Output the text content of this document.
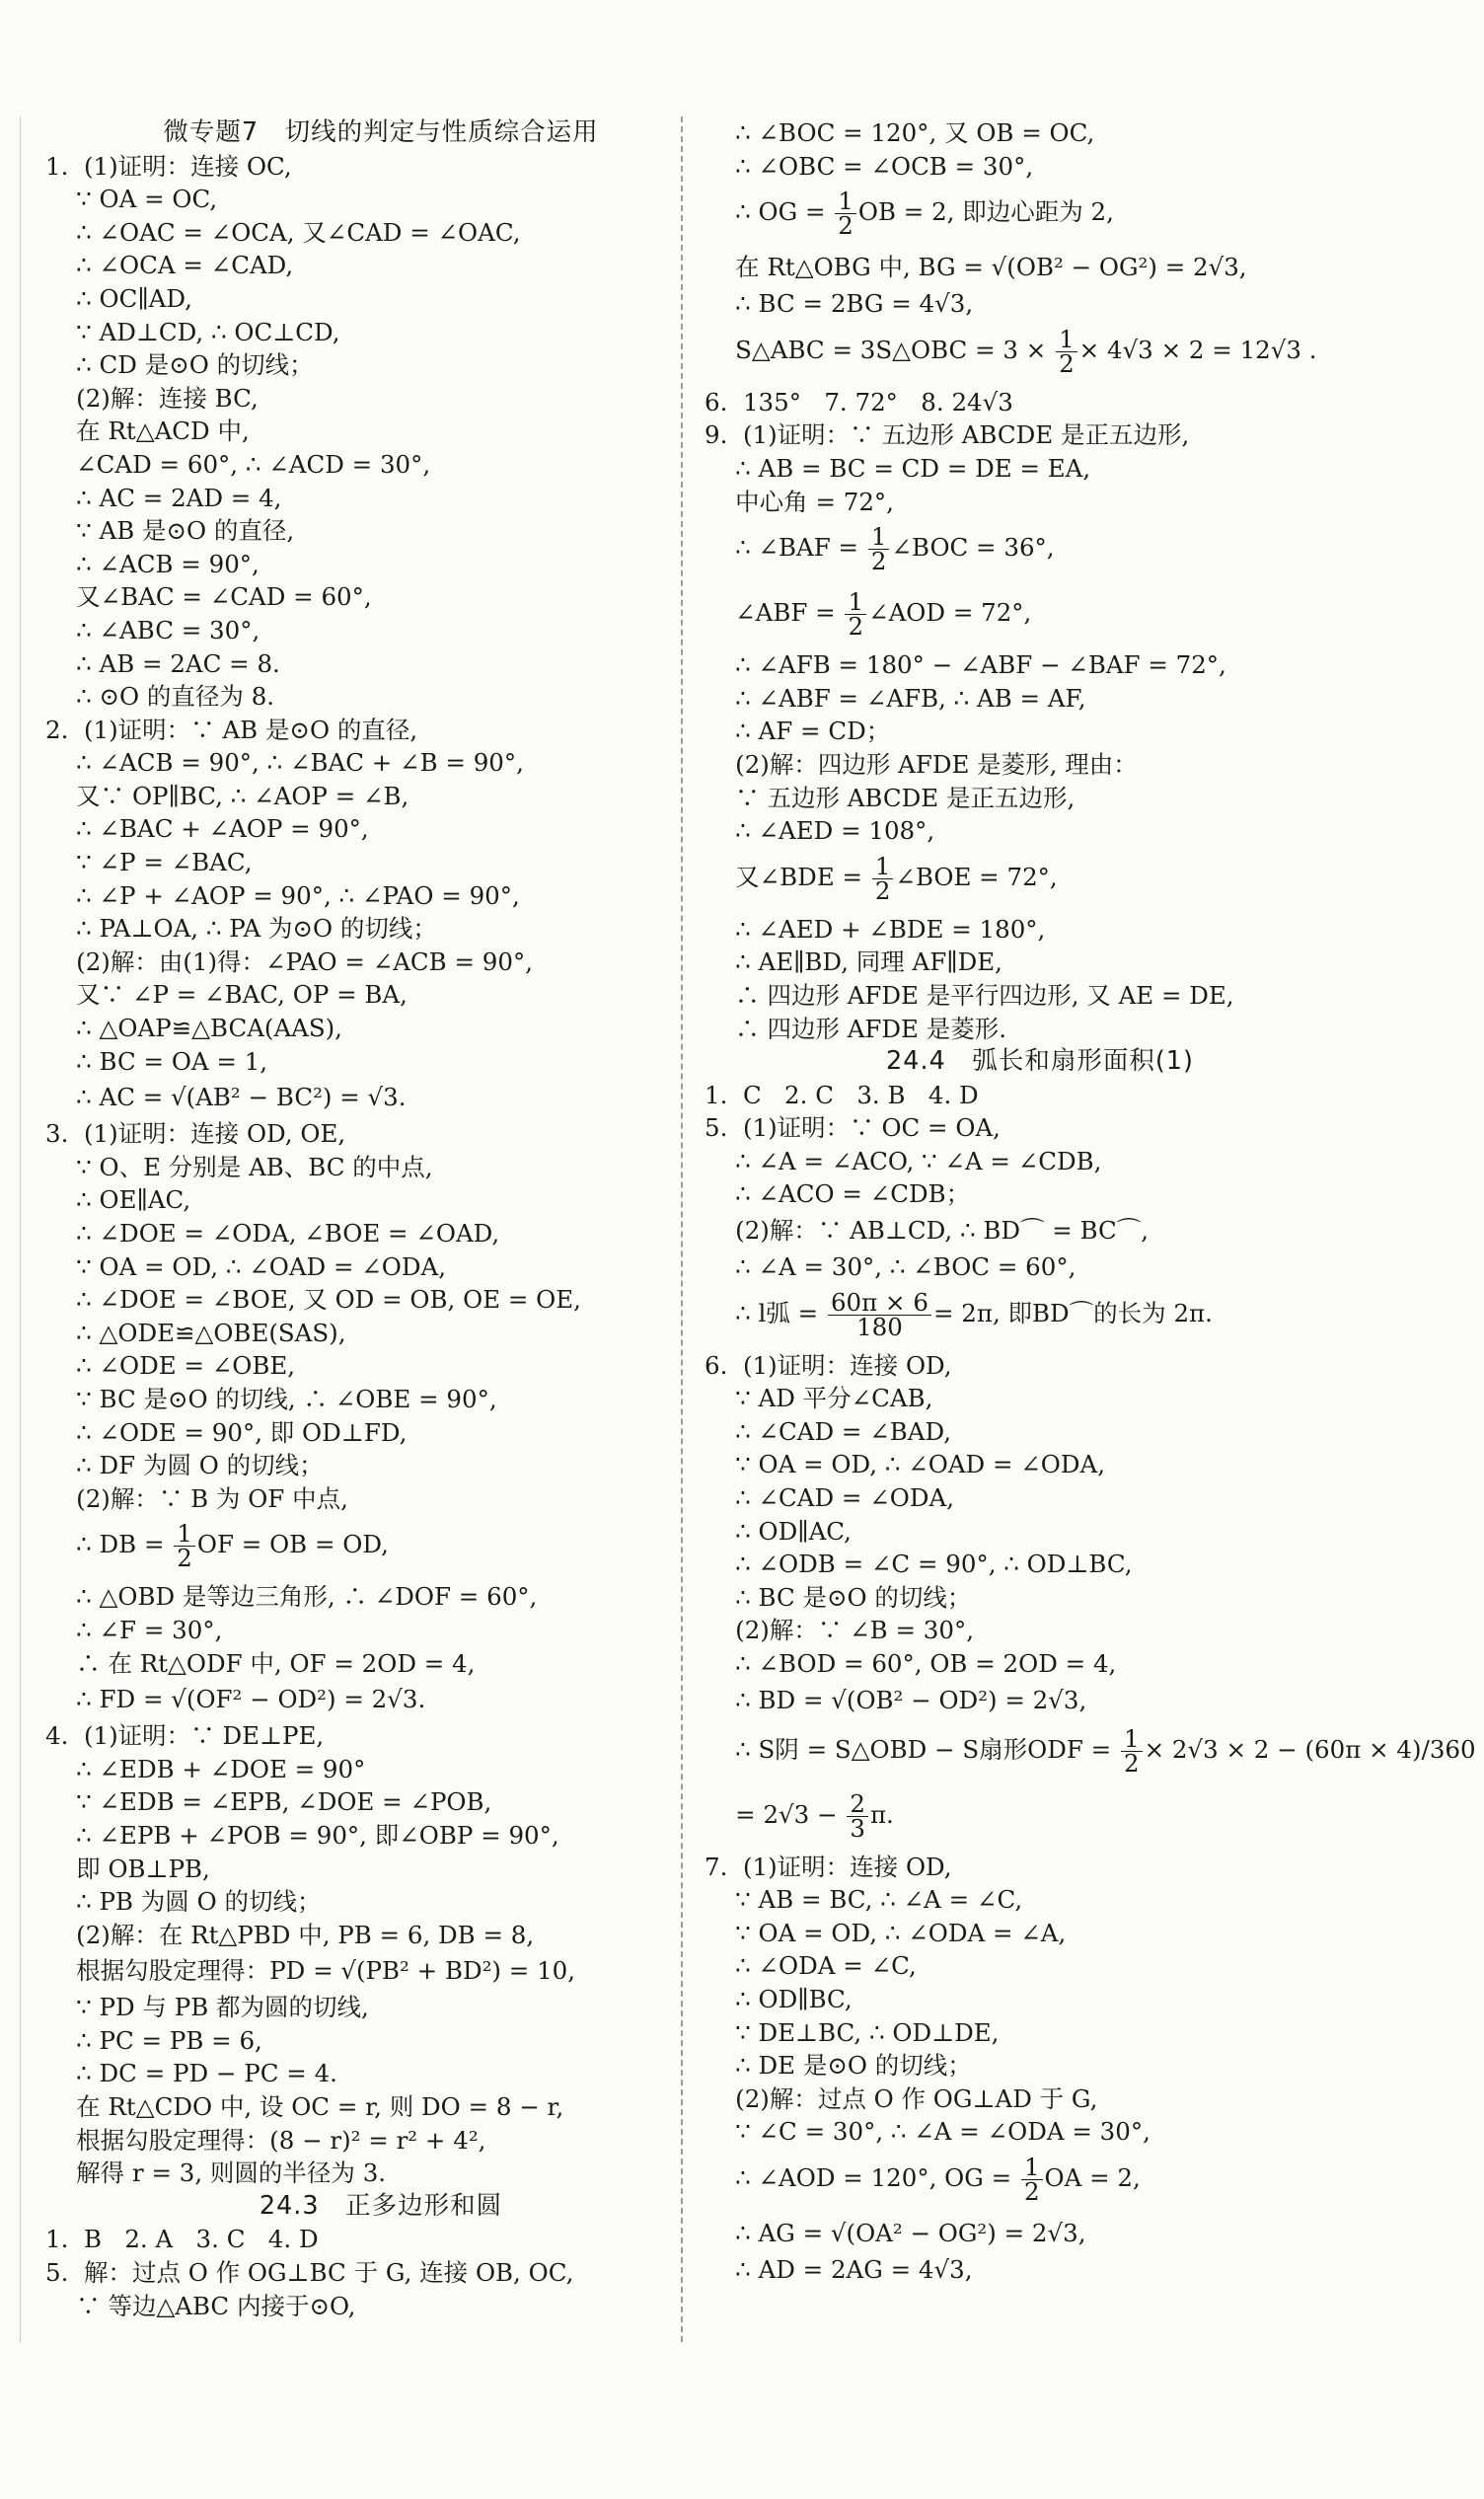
微专题7　切线的判定与性质综合运用
1.  (1)证明：连接 OC,
∵ OA = OC,
∴ ∠OAC = ∠OCA, 又∠CAD = ∠OAC,
∴ ∠OCA = ∠CAD,
∴ OC∥AD,
∵ AD⊥CD, ∴ OC⊥CD,
∴ CD 是⊙O 的切线；
(2)解：连接 BC,
在 Rt△ACD 中,
∠CAD = 60°, ∴ ∠ACD = 30°,
∴ AC = 2AD = 4,
∵ AB 是⊙O 的直径,
∴ ∠ACB = 90°,
又∠BAC = ∠CAD = 60°,
∴ ∠ABC = 30°,
∴ AB = 2AC = 8.
∴ ⊙O 的直径为 8.
2.  (1)证明：∵ AB 是⊙O 的直径,
∴ ∠ACB = 90°, ∴ ∠BAC + ∠B = 90°,
又∵ OP∥BC, ∴ ∠AOP = ∠B,
∴ ∠BAC + ∠AOP = 90°,
∵ ∠P = ∠BAC,
∴ ∠P + ∠AOP = 90°, ∴ ∠PAO = 90°,
∴ PA⊥OA, ∴ PA 为⊙O 的切线；
(2)解：由(1)得：∠PAO = ∠ACB = 90°,
又∵ ∠P = ∠BAC, OP = BA,
∴ △OAP≌△BCA(AAS),
∴ BC = OA = 1,
∴ AC = √(AB² − BC²) = √3.
3.  (1)证明：连接 OD, OE,
∵ O、E 分别是 AB、BC 的中点,
∴ OE∥AC,
∴ ∠DOE = ∠ODA, ∠BOE = ∠OAD,
∵ OA = OD, ∴ ∠OAD = ∠ODA,
∴ ∠DOE = ∠BOE, 又 OD = OB, OE = OE,
∴ △ODE≌△OBE(SAS),
∴ ∠ODE = ∠OBE,
∵ BC 是⊙O 的切线, ∴ ∠OBE = 90°,
∴ ∠ODE = 90°, 即 OD⊥FD,
∴ DF 为圆 O 的切线；
(2)解：∵ B 为 OF 中点,
∴ DB = $\frac{1}{2}$ OF = OB = OD,
∴ △OBD 是等边三角形, ∴ ∠DOF = 60°,
∴ ∠F = 30°,
∴ 在 Rt△ODF 中, OF = 2OD = 4,
∴ FD = √(OF² − OD²) = 2√3.
4.  (1)证明：∵ DE⊥PE,
∴ ∠EDB + ∠DOE = 90°
∵ ∠EDB = ∠EPB, ∠DOE = ∠POB,
∴ ∠EPB + ∠POB = 90°, 即∠OBP = 90°,
即 OB⊥PB,
∴ PB 为圆 O 的切线；
(2)解：在 Rt△PBD 中, PB = 6, DB = 8,
根据勾股定理得：PD = √(PB² + BD²) = 10,
∵ PD 与 PB 都为圆的切线,
∴ PC = PB = 6,
∴ DC = PD − PC = 4.
在 Rt△CDO 中, 设 OC = r, 则 DO = 8 − r,
根据勾股定理得：(8 − r)² = r² + 4²,
解得 r = 3, 则圆的半径为 3.
24.3　正多边形和圆
1.  B   2. A   3. C   4. D
5.  解：过点 O 作 OG⊥BC 于 G, 连接 OB, OC,
∵ 等边△ABC 内接于⊙O,
∴ ∠BOC = 120°, 又 OB = OC,
∴ ∠OBC = ∠OCB = 30°,
∴ OG = $\frac{1}{2}$ OB = 2, 即边心距为 2,
在 Rt△OBG 中, BG = √(OB² − OG²) = 2√3,
∴ BC = 2BG = 4√3,
S△ABC = 3S△OBC = $3 \times \frac{1}{2} \times 4√3 \times 2 = 12√3$ .
6.  135°   7. 72°   8. 24√3
9.  (1)证明：∵ 五边形 ABCDE 是正五边形,
∴ AB = BC = CD = DE = EA,
中心角 = 72°,
∴ ∠BAF = $\frac{1}{2}$ ∠BOC = 36°,
∠ABF = $\frac{1}{2}$ ∠AOD = 72°,
∴ ∠AFB = 180° − ∠ABF − ∠BAF = 72°,
∴ ∠ABF = ∠AFB, ∴ AB = AF,
∴ AF = CD；
(2)解：四边形 AFDE 是菱形, 理由：
∵ 五边形 ABCDE 是正五边形,
∴ ∠AED = 108°,
又∠BDE = $\frac{1}{2}$ ∠BOE = 72°,
∴ ∠AED + ∠BDE = 180°,
∴ AE∥BD, 同理 AF∥DE,
∴ 四边形 AFDE 是平行四边形, 又 AE = DE,
∴ 四边形 AFDE 是菱形.
24.4　弧长和扇形面积(1)
1.  C   2. C   3. B   4. D
5.  (1)证明：∵ OC = OA,
∴ ∠A = ∠ACO, ∵ ∠A = ∠CDB,
∴ ∠ACO = ∠CDB；
(2)解：∵ AB⊥CD, ∴ BD⌒ = BC⌒,
∴ ∠A = 30°, ∴ ∠BOC = 60°,
∴ l弧 = $\frac{60\pi \times 6}{180} = 2\pi$, 即BD⌒的长为 2π.
6.  (1)证明：连接 OD,
∵ AD 平分∠CAB,
∴ ∠CAD = ∠BAD,
∵ OA = OD, ∴ ∠OAD = ∠ODA,
∴ ∠CAD = ∠ODA,
∴ OD∥AC,
∴ ∠ODB = ∠C = 90°, ∴ OD⊥BC,
∴ BC 是⊙O 的切线；
(2)解：∵ ∠B = 30°,
∴ ∠BOD = 60°, OB = 2OD = 4,
∴ BD = √(OB² − OD²) = 2√3,
∴ S阴 = S△OBD − S扇形ODF = $\frac{1}{2} \times 2√3 \times 2 - (60\pi \times 4)/360$
= $2√3 - \frac{2}{3} \pi$.
7.  (1)证明：连接 OD,
∵ AB = BC, ∴ ∠A = ∠C,
∵ OA = OD, ∴ ∠ODA = ∠A,
∴ ∠ODA = ∠C,
∴ OD∥BC,
∵ DE⊥BC, ∴ OD⊥DE,
∴ DE 是⊙O 的切线；
(2)解：过点 O 作 OG⊥AD 于 G,
∵ ∠C = 30°, ∴ ∠A = ∠ODA = 30°,
∴ ∠AOD = 120°, OG = $\frac{1}{2}$ OA = 2,
∴ AG = √(OA² − OG²) = 2√3,
∴ AD = 2AG = 4√3,
